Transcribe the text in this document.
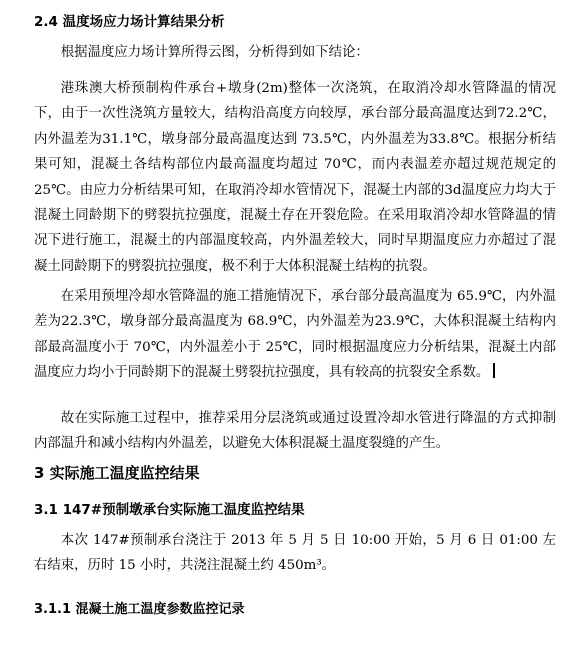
2.4 温度场应力场计算结果分析

根据温度应力场计算所得云图，分析得到如下结论：

港珠澳大桥预制构件承台+墩身(2m)整体一次浇筑，在取消冷却水管降温的情况下，由于一次性浇筑方量较大，结构沿高度方向较厚，承台部分最高温度达到72.2℃，内外温差为31.1℃，墩身部分最高温度达到 73.5℃，内外温差为33.8℃。根据分析结果可知，混凝土各结构部位内最高温度均超过 70℃，而内表温差亦超过规范规定的25℃。由应力分析结果可知，在取消冷却水管情况下，混凝土内部的3d温度应力均大于混凝土同龄期下的劈裂抗拉强度，混凝土存在开裂危险。在采用取消冷却水管降温的情况下进行施工，混凝土的内部温度较高，内外温差较大，同时早期温度应力亦超过了混凝土同龄期下的劈裂抗拉强度，极不利于大体积混凝土结构的抗裂。

在采用预埋冷却水管降温的施工措施情况下，承台部分最高温度为 65.9℃，内外温差为22.3℃，墩身部分最高温度为 68.9℃，内外温差为23.9℃，大体积混凝土结构内部最高温度小于 70℃，内外温差小于 25℃，同时根据温度应力分析结果，混凝土内部温度应力均小于同龄期下的混凝土劈裂抗拉强度，具有较高的抗裂安全系数。

故在实际施工过程中，推荐采用分层浇筑或通过设置冷却水管进行降温的方式抑制内部温升和减小结构内外温差，以避免大体积混凝土温度裂缝的产生。

3 实际施工温度监控结果
3.1 147#预制墩承台实际施工温度监控结果

本次 147#预制承台浇注于 2013 年 5 月 5 日 10:00 开始，5 月 6 日 01:00 左右结束，历时 15 小时，共浇注混凝土约 450m³。

3.1.1 混凝土施工温度参数监控记录
